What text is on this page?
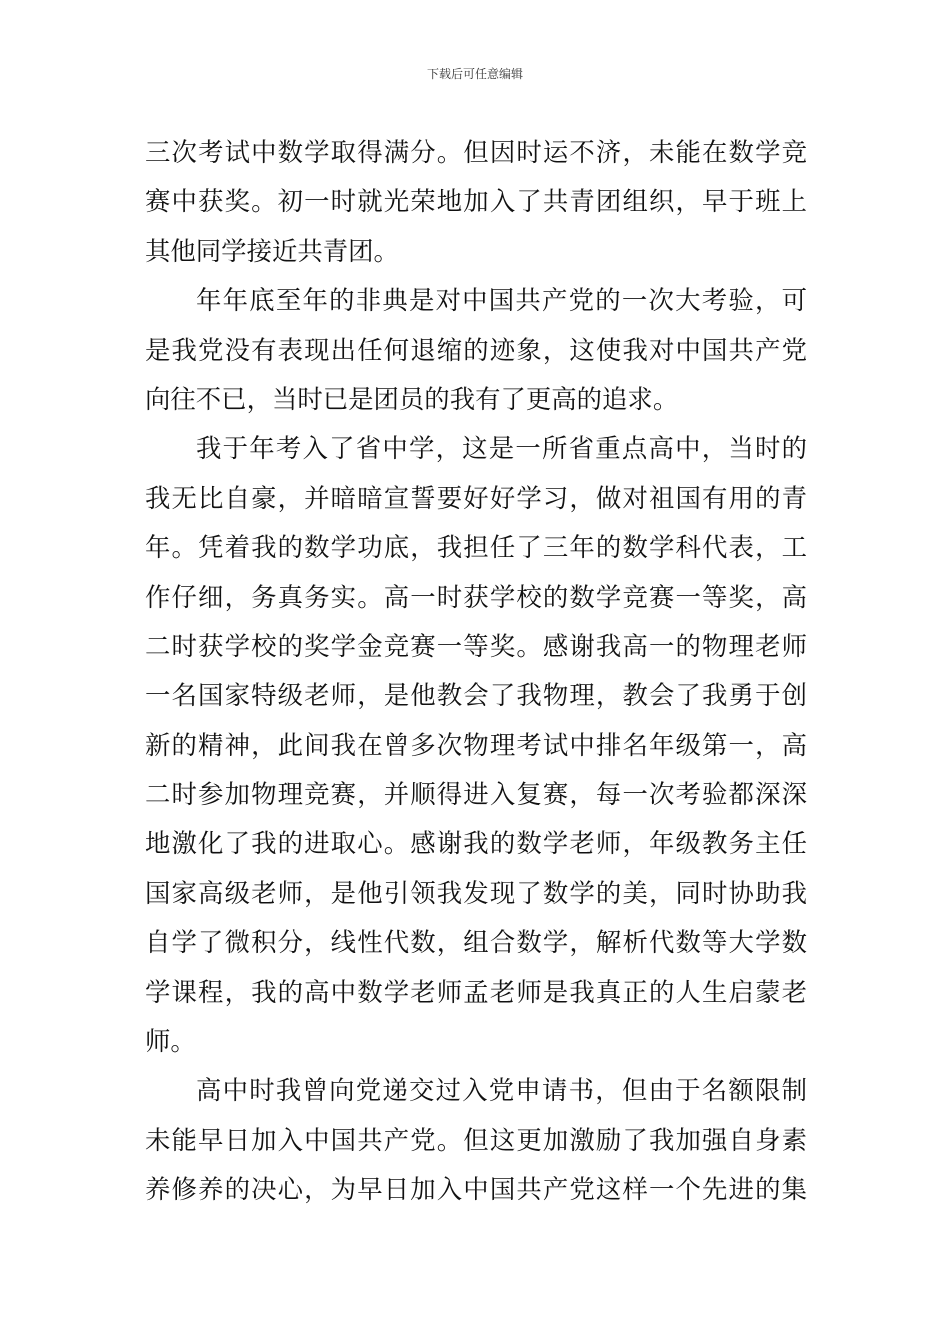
下载后可任意编辑
三次考试中数学取得满分。但因时运不济，未能在数学竞
赛中获奖。初一时就光荣地加入了共青团组织，早于班上
其他同学接近共青团。
年年底至年的非典是对中国共产党的一次大考验，可
是我党没有表现出任何退缩的迹象，这使我对中国共产党
向往不已，当时已是团员的我有了更高的追求。
我于年考入了省中学，这是一所省重点高中，当时的
我无比自豪，并暗暗宣誓要好好学习，做对祖国有用的青
年。凭着我的数学功底，我担任了三年的数学科代表，工
作仔细，务真务实。高一时获学校的数学竞赛一等奖，高
二时获学校的奖学金竞赛一等奖。感谢我高一的物理老师
一名国家特级老师，是他教会了我物理，教会了我勇于创
新的精神，此间我在曾多次物理考试中排名年级第一，高
二时参加物理竞赛，并顺得进入复赛，每一次考验都深深
地激化了我的进取心。感谢我的数学老师，年级教务主任
国家高级老师，是他引领我发现了数学的美，同时协助我
自学了微积分，线性代数，组合数学，解析代数等大学数
学课程，我的高中数学老师孟老师是我真正的人生启蒙老
师。
高中时我曾向党递交过入党申请书，但由于名额限制
未能早日加入中国共产党。但这更加激励了我加强自身素
养修养的决心，为早日加入中国共产党这样一个先进的集
